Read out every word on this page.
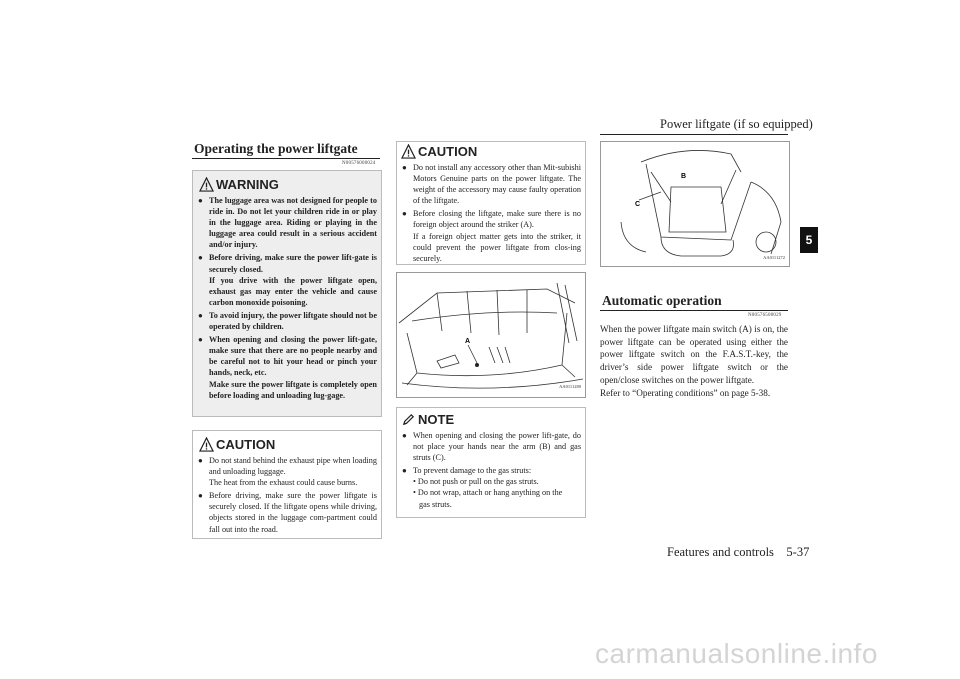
Power liftgate (if so equipped)
5
Operating the power liftgate
N00576000024
WARNING
● The luggage area was not designed for people to ride in. Do not let your children ride in or play in the luggage area. Riding or playing in the luggage area could result in a serious accident and/or injury.
● Before driving, make sure the power lift-gate is securely closed.
If you drive with the power liftgate open, exhaust gas may enter the vehicle and cause carbon monoxide poisoning.
● To avoid injury, the power liftgate should not be operated by children.
● When opening and closing the power lift-gate, make sure that there are no people nearby and be careful not to hit your head or pinch your hands, neck, etc.
Make sure the power liftgate is completely open before loading and unloading lug-gage.
CAUTION
● Do not stand behind the exhaust pipe when loading and unloading luggage.
The heat from the exhaust could cause burns.
● Before driving, make sure the power liftgate is securely closed. If the liftgate opens while driving, objects stored in the luggage com-partment could fall out into the road.
CAUTION
● Do not install any accessory other than Mit-subishi Motors Genuine parts on the power liftgate. The weight of the accessory may cause faulty operation of the liftgate.
● Before closing the liftgate, make sure there is no foreign object around the striker (A).
If a foreign object matter gets into the striker, it could prevent the power liftgate from clos-ing securely.
A
AA0111280
NOTE
● When opening and closing the power lift-gate, do not place your hands near the arm (B) and gas struts (C).
● To prevent damage to the gas struts:
• Do not push or pull on the gas struts.
• Do not wrap, attach or hang anything on the
gas struts.
B
C
AA0111272
Automatic operation
N00576500029
When the power liftgate main switch (A) is on, the power liftgate can be operated using either the power liftgate switch on the F.A.S.T.-key, the driver’s side power liftgate switch or the open/close switches on the power liftgate.
Refer to “Operating conditions” on page 5-38.
Features and controls    5-37
carmanualsonline.info
